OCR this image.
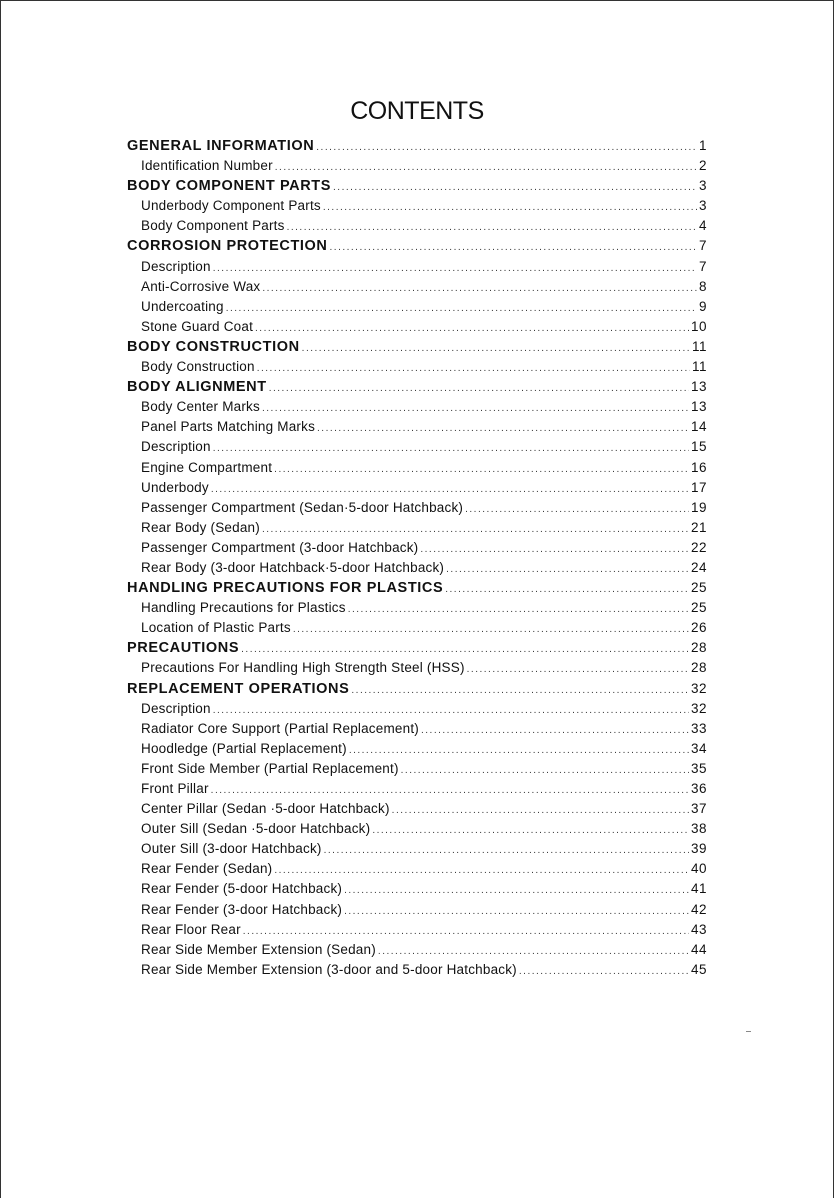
CONTENTS
GENERAL INFORMATION .....	1
Identification Number .....	2
BODY COMPONENT PARTS .....	3
Underbody Component Parts .....	3
Body Component Parts .....	4
CORROSION PROTECTION .....	7
Description .....	7
Anti-Corrosive Wax .....	8
Undercoating .....	9
Stone Guard Coat .....	10
BODY CONSTRUCTION .....	11
Body Construction .....	11
BODY ALIGNMENT .....	13
Body Center Marks .....	13
Panel Parts Matching Marks .....	14
Description .....	15
Engine Compartment .....	16
Underbody .....	17
Passenger Compartment (Sedan·5-door Hatchback) .....	19
Rear Body (Sedan) .....	21
Passenger Compartment (3-door Hatchback) .....	22
Rear Body (3-door Hatchback·5-door Hatchback) .....	24
HANDLING PRECAUTIONS FOR PLASTICS .....	25
Handling Precautions for Plastics .....	25
Location of Plastic Parts .....	26
PRECAUTIONS .....	28
Precautions For Handling High Strength Steel (HSS) .....	28
REPLACEMENT OPERATIONS .....	32
Description .....	32
Radiator Core Support (Partial Replacement) .....	33
Hoodledge (Partial Replacement) .....	34
Front Side Member (Partial Replacement) .....	35
Front Pillar .....	36
Center Pillar (Sedan ·5-door Hatchback) .....	37
Outer Sill (Sedan ·5-door Hatchback) .....	38
Outer Sill (3-door Hatchback) .....	39
Rear Fender (Sedan) .....	40
Rear Fender (5-door Hatchback) .....	41
Rear Fender (3-door Hatchback) .....	42
Rear Floor Rear .....	43
Rear Side Member Extension (Sedan) .....	44
Rear Side Member Extension (3-door and 5-door Hatchback) .....	45
